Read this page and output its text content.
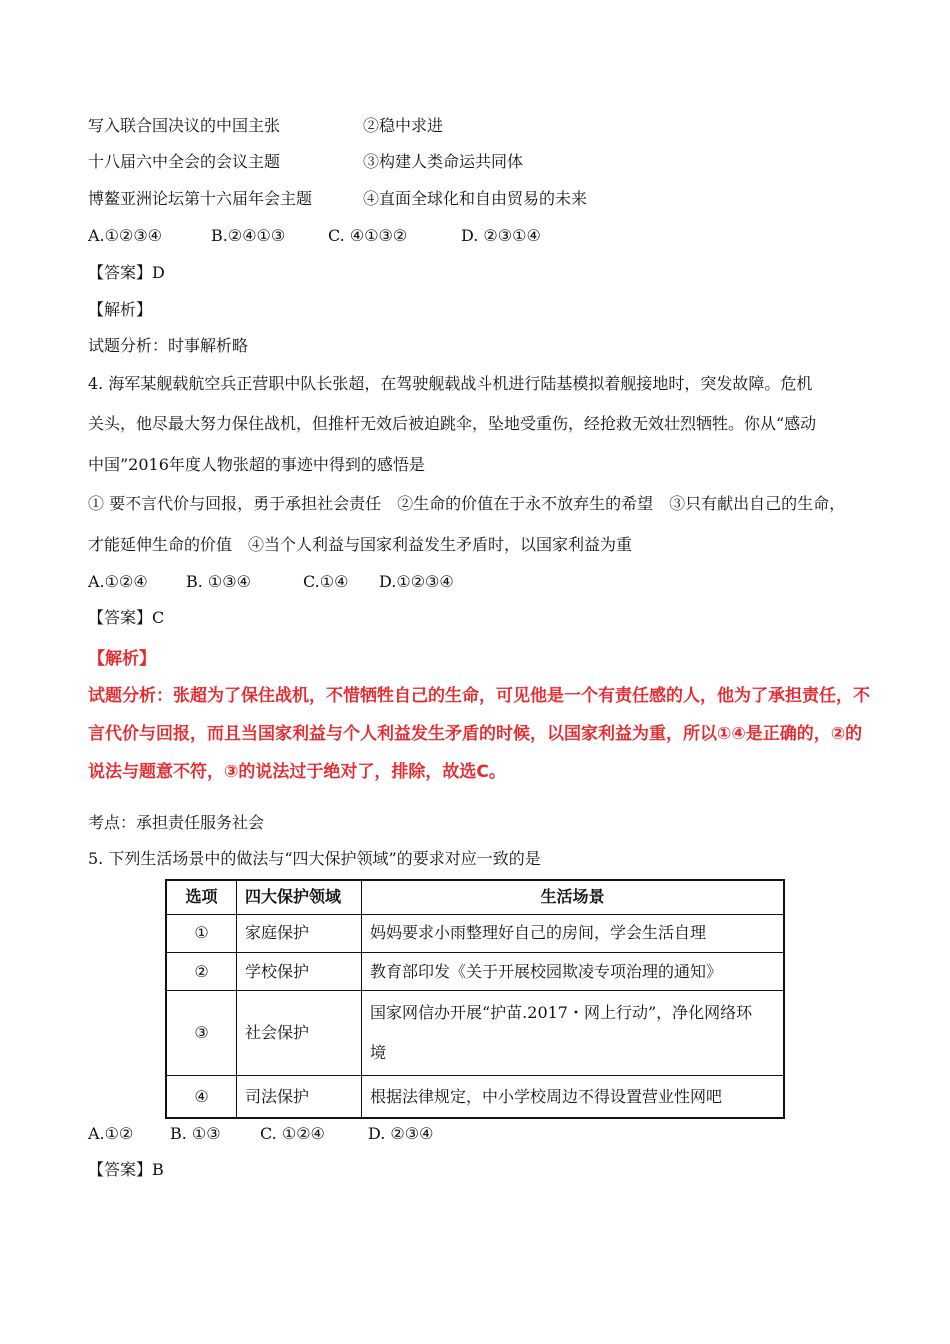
写入联合国决议的中国主张	②稳中求进
十八届六中全会的会议主题	③构建人类命运共同体
博鳌亚洲论坛第十六届年会主题	④直面全球化和自由贸易的未来
A.①②③④	B.②④①③	C. ④①③②	D. ②③①④
【答案】D
【解析】
试题分析：时事解析略
4. 海军某舰载航空兵正营职中队长张超，在驾驶舰载战斗机进行陆基模拟着舰接地时，突发故障。危机
关头，他尽最大努力保住战机，但推杆无效后被迫跳伞，坠地受重伤，经抢救无效壮烈牺牲。你从“感动
中国”2016年度人物张超的事迹中得到的感悟是
① 要不言代价与回报，勇于承担社会责任　②生命的价值在于永不放弃生的希望　③只有献出自己的生命，
才能延伸生命的价值　④当个人利益与国家利益发生矛盾时，以国家利益为重
A.①②④ B. ①③④	C.①④ D.①②③④
【答案】C
【解析】
试题分析：张超为了保住战机，不惜牺牲自己的生命，可见他是一个有责任感的人，他为了承担责任，不
言代价与回报，而且当国家利益与个人利益发生矛盾的时候，以国家利益为重，所以①④是正确的，②的
说法与题意不符，③的说法过于绝对了，排除，故选C。
考点：承担责任服务社会
5. 下列生活场景中的做法与“四大保护领域”的要求对应一致的是
选项	四大保护领域	生活场景
①	家庭保护	妈妈要求小雨整理好自己的房间，学会生活自理
②	学校保护	教育部印发《关于开展校园欺凌专项治理的通知》
③	社会保护	国家网信办开展“护苗.2017・网上行动”，净化网络环
境

④	司法保护	根据法律规定，中小学校周边不得设置营业性网吧
A.①② B. ①③ C. ①②④	D. ②③④
【答案】B
